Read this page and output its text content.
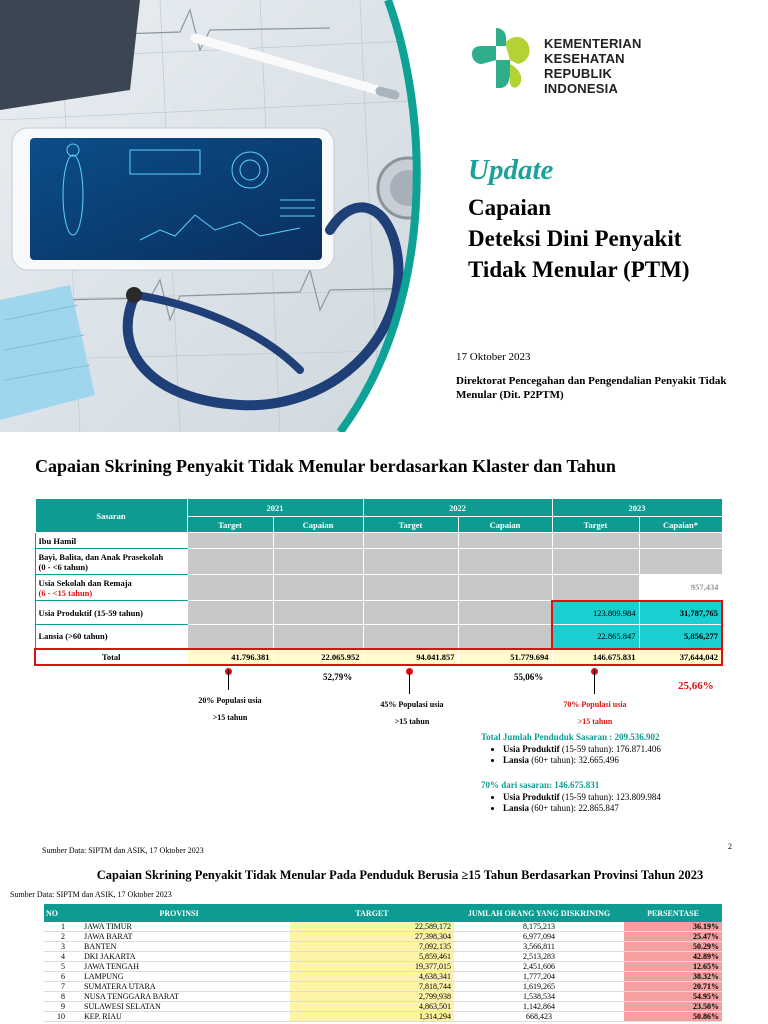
KEMENTERIAN
KESEHATAN
REPUBLIK
INDONESIA
Update
Capaian
Deteksi Dini Penyakit
Tidak Menular (PTM)
17 Oktober 2023
Direktorat Pencegahan dan Pengendalian Penyakit Tidak Menular (Dit. P2PTM)
Capaian Skrining Penyakit Tidak Menular berdasarkan Klaster dan Tahun
Sasaran	2021		2022		2023	
	Target	Capaian	Target	Capaian	Target	Capaian*
Ibu Hamil						

Bayi, Balita, dan Anak Prasekolah
(0 - <6 tahun)						

Usia Sekolah dan Remaja
(6 - <15 tahun)						957,434
Usia Produktif (15-59 tahun)					123.809.984	31,787,765
Lansia (>60 tahun)					22.865.847	5,856,277
Total	41.796.381	22.065.952	94.041.857	51.779.694	146.675.831	37,644,042
52,79%	55,06%
25,66%
20% Populasi usia
>15 tahun
45% Populasi usia
>15 tahun
70% Populasi usia
>15 tahun
Total Jumlah Penduduk Sasaran : 209.536.902
• Usia Produktif (15-59 tahun): 176.871.406
• Lansia (60+ tahun): 32.665.496
70% dari sasaran: 146.675.831
• Usia Produktif (15-59 tahun): 123.809.984
• Lansia (60+ tahun): 22.865.847
Sumber Data: SIPTM dan ASIK, 17 Oktober 2023	2
Capaian Skrining Penyakit Tidak Menular Pada Penduduk Berusia ≥15 Tahun Berdasarkan Provinsi Tahun 2023
Sumber Data: SIPTM dan ASIK, 17 Oktober 2023
NO	PROVINSI	TARGET	JUMLAH ORANG YANG DISKRINING	PERSENTASE
1	JAWA TIMUR	22,589,172	8,175,213	36.19%
2	JAWA BARAT	27,398,304	6,977,094	25.47%
3	BANTEN	7,092,135	3,566,811	50.29%
4	DKI JAKARTA	5,859,461	2,513,283	42.89%
5	JAWA TENGAH	19,377,015	2,451,606	12.65%
6	LAMPUNG	4,638,341	1,777,204	38.32%
7	SUMATERA UTARA	7,818,744	1,619,265	20.71%
8	NUSA TENGGARA BARAT	2,799,938	1,538,534	54.95%
9	SULAWESI SELATAN	4,863,501	1,142,864	23.50%
10	KEP. RIAU	1,314,294	668,423	50.86%
